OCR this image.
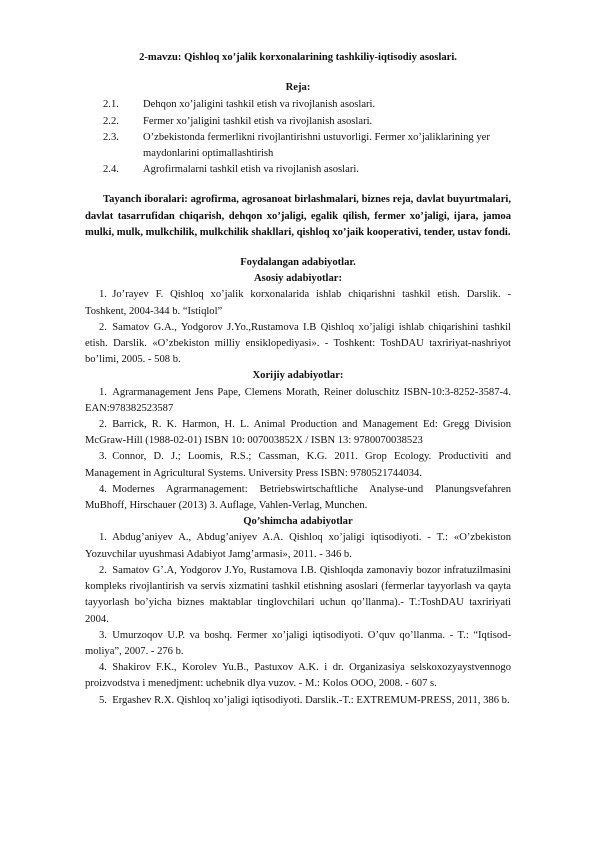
2-mavzu: Qishloq xo’jalik korxonalarining tashkiliy-iqtisodiy asoslari.

Reja:

2.1.	Dehqon xo’jaligini tashkil etish va rivojlanish asoslari.
2.2.	Fermer xo’jaligini tashkil etish va rivojlanish asoslari.
2.3.	O’zbekistonda fermerlikni rivojlantirishni ustuvorligi. Fermer xo’jaliklarining yer maydonlarini optimallashtirish
2.4.	Agrofirmalarni tashkil etish va rivojlanish asoslari.

Tayanch iboralari: agrofirma, agrosanoat birlashmalari, biznes reja, davlat buyurtmalari, davlat tasarrufidan chiqarish, dehqon xo’jaligi, egalik qilish, fermer xo’jaligi, ijara, jamoa mulki, mulk, mulkchilik, mulkchilik shakllari, qishloq xo’jaik kooperativi, tender, ustav fondi.

Foydalangan adabiyotlar.

Asosiy adabiyotlar:

1. Jo’rayev F. Qishloq xo’jalik korxonalarida ishlab chiqarishni tashkil etish. Darslik. - Toshkent, 2004-344 b. “Istiqlol”

2. Samatov G.A., Yodgorov J.Yo.,Rustamova I.B Qishloq xo’jaligi ishlab chiqarishini tashkil etish. Darslik. «O’zbekiston milliy ensiklopediyasi». - Toshkent: ToshDAU taxririyat-nashriyot bo’limi, 2005. - 508 b.

Xorijiy adabiyotlar:

1. Agrarmanagement Jens Pape, Clemens Morath, Reiner doluschitz ISBN-10:3-8252-3587-4. EAN:978382523587

2. Barrick, R. K. Harmon, H. L. Animal Production and Management Ed: Gregg Division McGraw-Hill (1988-02-01) ISBN 10: 007003852X / ISBN 13: 9780070038523

3. Connor, D. J.; Loomis, R.S.; Cassman, K.G. 2011. Grop Ecology. Productiviti and Management in Agricultural Systems. University Press ISBN: 9780521744034.

4. Modernes Agrarmanagement: Betriebswirtschaftliche Analyse-und Planungsvefahren MuBhoff, Hirschauer (2013) 3. Auflage, Vahlen-Verlag, Munchen.

Qo’shimcha adabiyotlar

1. Abdug’aniyev A., Abdug’aniyev A.A. Qishloq xo’jaligi iqtisodiyoti. - T.: «O’zbekiston Yozuvchilar uyushmasi Adabiyot Jamg’armasi», 2011. - 346 b.

2. Samatov G’.A, Yodgorov J.Yo, Rustamova I.B. Qishloqda zamonaviy bozor infratuzilmasini kompleks rivojlantirish va servis xizmatini tashkil etishning asoslari (fermerlar tayyorlash va qayta tayyorlash bo’yicha biznes maktablar tinglovchilari uchun qo’llanma).- T.:ToshDAU taxririyati 2004.

3. Umurzoqov U.P. va boshq. Fermer xo’jaligi iqtisodiyoti. O’quv qo’llanma. - T.: “Iqtisod-moliya”, 2007. - 276 b.

4. Shakirov F.K., Korolev Yu.B., Pastuxov A.K. i dr. Organizasiya selskoxozyaystvennogo proizvodstva i menedjment: uchebnik dlya vuzov. - M.: Kolos OOO, 2008. - 607 s.

5. Ergashev R.X. Qishloq xo’jaligi iqtisodiyoti. Darslik.-T.: EXTREMUM-PRESS, 2011, 386 b.
